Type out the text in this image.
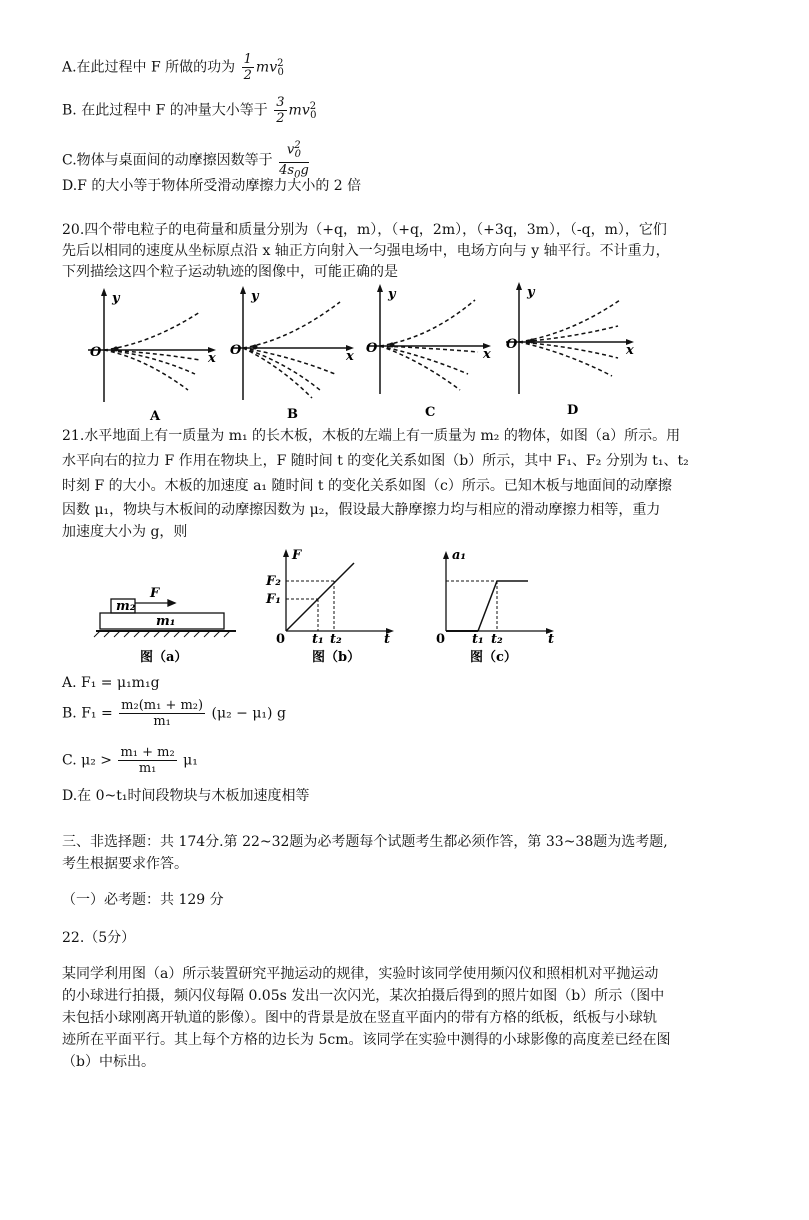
A.在此过程中 F 所做的功为 $\frac{1}{2} mv^2_0$
B. 在此过程中 F 的冲量大小等于 $\frac{3}{2} mv^2_0$
C.物体与桌面间的动摩擦因数等于 $\frac{v^2_0}{4s_0g}$
D.F 的大小等于物体所受滑动摩擦力大小的 2 倍
20.四个带电粒子的电荷量和质量分别为（+q，m），（+q，2m），（+3q，3m），（-q，m），它们
先后以相同的速度从坐标原点沿 x 轴正方向射入一匀强电场中，电场方向与 y 轴平行。不计重力，
下列描绘这四个粒子运动轨迹的图像中，可能正确的是
y
x
O
y
x
O
y
x
O
y
x
O
A	B	C	D
21.水平地面上有一质量为 m₁ 的长木板，木板的左端上有一质量为 m₂ 的物体，如图（a）所示。用
水平向右的拉力 F 作用在物块上，F 随时间 t 的变化关系如图（b）所示，其中 F₁、F₂ 分别为 t₁、t₂
时刻 F 的大小。木板的加速度 a₁ 随时间 t 的变化关系如图（c）所示。已知木板与地面间的动摩擦
因数 μ₁，物块与木板间的动摩擦因数为 μ₂，假设最大静摩擦力均与相应的滑动摩擦力相等，重力
加速度大小为 g，则
m₂
m₁
F
图（a）
F
t
0
F₁
F₂
t₁ t₂
图（b）
a₁
t
0 t₁ t₂
图（c）
A. F₁ = μ₁m₁g
B. $F_1 = \frac{\text{m₂(m₁ + m₂)}}{\text{m₁}} (\mu_2 - \mu_1)$ g
C. $\mu_2 > \frac{\text{m₁ + m₂}}{\text{m₁}} \mu_1$
D.在 0~t₁时间段物块与木板加速度相等
三、非选择题：共 174分.第 22~32题为必考题每个试题考生都必须作答，第 33~38题为选考题,
考生根据要求作答。
（一）必考题：共 129 分
22.（5分）
某同学利用图（a）所示装置研究平抛运动的规律，实验时该同学使用频闪仪和照相机对平抛运动
的小球进行拍摄，频闪仪每隔 0.05s 发出一次闪光，某次拍摄后得到的照片如图（b）所示（图中
未包括小球刚离开轨道的影像）。图中的背景是放在竖直平面内的带有方格的纸板，纸板与小球轨
迹所在平面平行。其上每个方格的边长为 5cm。该同学在实验中测得的小球影像的高度差已经在图
（b）中标出。
